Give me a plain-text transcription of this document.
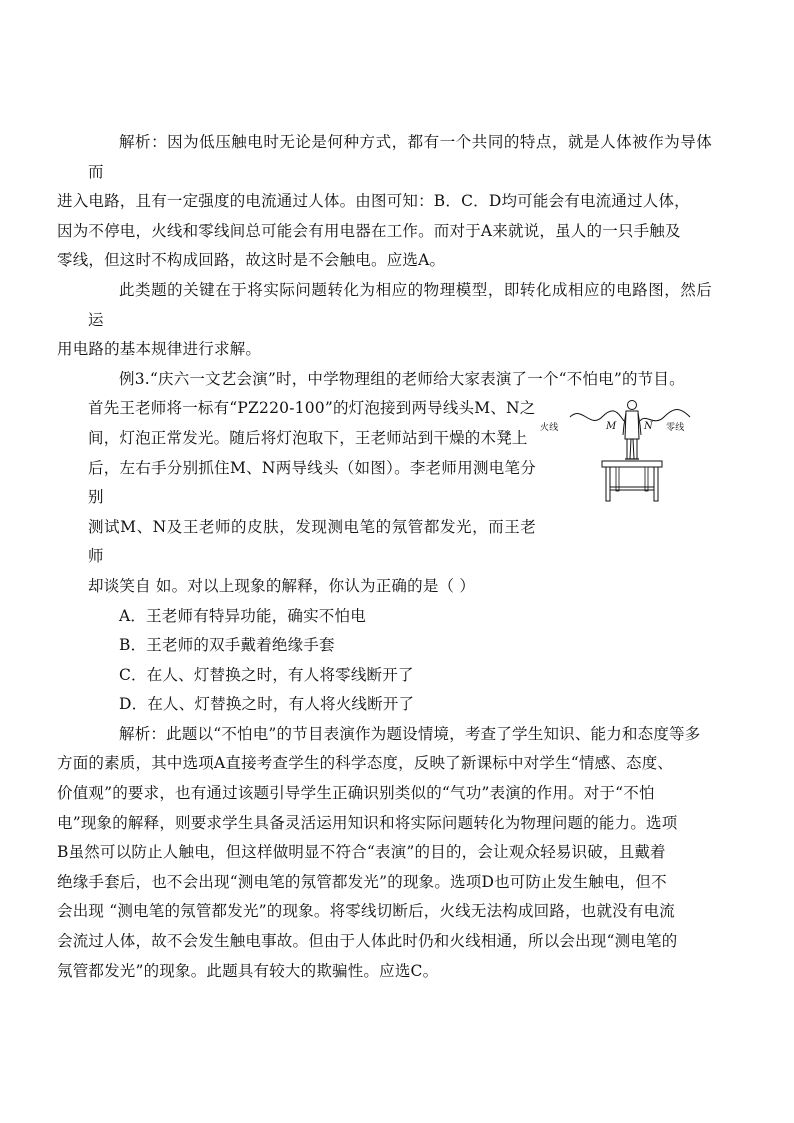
解析：因为低压触电时无论是何种方式，都有一个共同的特点，就是人体被作为导体而
进入电路，且有一定强度的电流通过人体。由图可知：B．C．D均可能会有电流通过人体，
因为不停电，火线和零线间总可能会有用电器在工作。而对于A来就说，虽人的一只手触及
零线，但这时不构成回路，故这时是不会触电。应选A。
此类题的关键在于将实际问题转化为相应的物理模型，即转化成相应的电路图，然后运
用电路的基本规律进行求解。
例3.“庆六一文艺会演”时，中学物理组的老师给大家表演了一个“不怕电”的节目。
首先王老师将一标有“PZ220-100”的灯泡接到两导线头M、N之
间，灯泡正常发光。随后将灯泡取下，王老师站到干燥的木凳上
后，左右手分别抓住M、N两导线头（如图）。李老师用测电笔分别
测试M、N及王老师的皮肤，发现测电笔的氖管都发光，而王老师
却谈笑自 如。对以上现象的解释，你认为正确的是（ ）
火线	M	N 零线
A．王老师有特异功能，确实不怕电
B．王老师的双手戴着绝缘手套
C．在人、灯替换之时，有人将零线断开了
D．在人、灯替换之时，有人将火线断开了
解析：此题以“不怕电”的节目表演作为题设情境，考查了学生知识、能力和态度等多
方面的素质，其中选项A直接考查学生的科学态度，反映了新课标中对学生“情感、态度、
价值观”的要求，也有通过该题引导学生正确识别类似的“气功”表演的作用。对于“不怕
电”现象的解释，则要求学生具备灵活运用知识和将实际问题转化为物理问题的能力。选项
B虽然可以防止人触电，但这样做明显不符合“表演”的目的，会让观众轻易识破，且戴着
绝缘手套后，也不会出现“测电笔的氖管都发光”的现象。选项D也可防止发生触电，但不
会出现 “测电笔的氖管都发光”的现象。将零线切断后，火线无法构成回路，也就没有电流
会流过人体，故不会发生触电事故。但由于人体此时仍和火线相通，所以会出现“测电笔的
氖管都发光”的现象。此题具有较大的欺骗性。应选C。
